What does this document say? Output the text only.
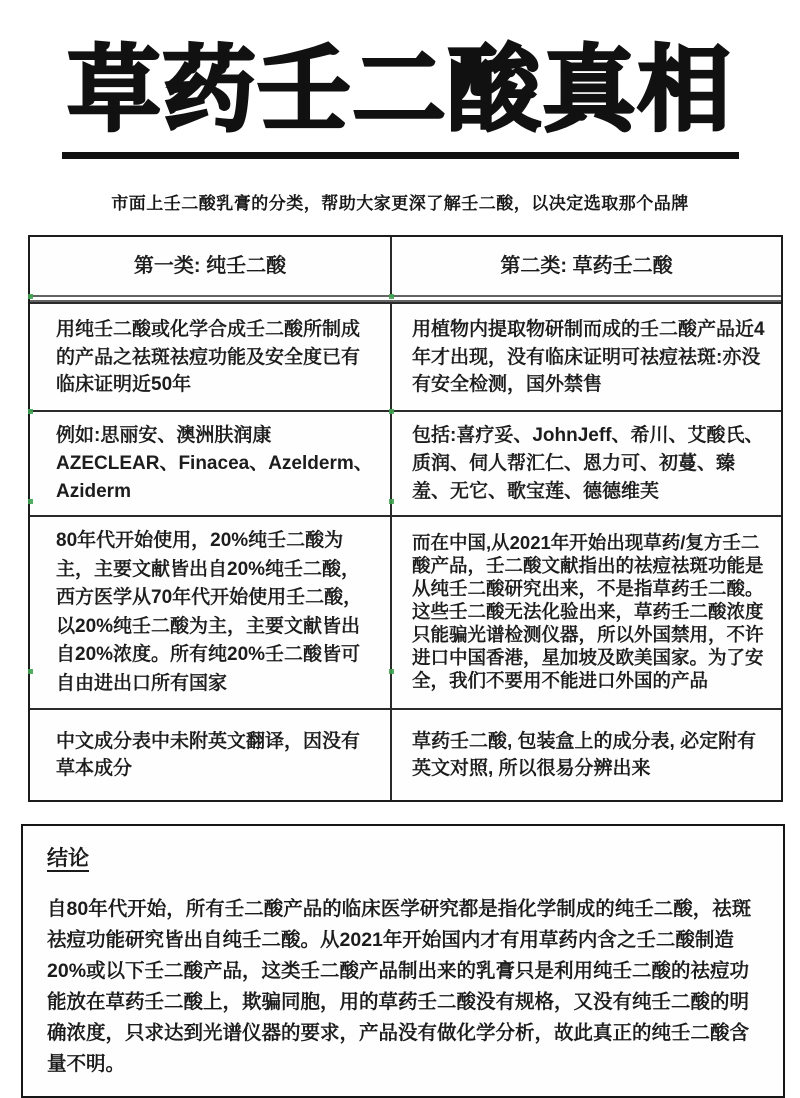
草药壬二酸真相

市面上壬二酸乳膏的分类，帮助大家更深了解壬二酸，以决定选取那个品牌

第一类: 纯壬二酸	第二类: 草药壬二酸
用纯壬二酸或化学合成壬二酸所制成的产品之祛斑祛痘功能及安全度已有临床证明近50年
用植物内提取物研制而成的壬二酸产品近4年才出现，没有临床证明可祛痘祛斑:亦没有安全检测，国外禁售
例如:思丽安、澳洲肤润康AZECLEAR、Finacea、Azelderm、Aziderm
包括:喜疗妥、JohnJeff、希川、艾酸氏、质润、伺人帮汇仁、恩力可、初蔓、臻羞、无它、歌宝莲、德德维芙
80年代开始使用，20%纯壬二酸为主，主要文献皆出自20%纯壬二酸，西方医学从70年代开始使用壬二酸，以20%纯壬二酸为主，主要文献皆出自20%浓度。所有纯20%壬二酸皆可自由进出口所有国家
而在中国,从2021年开始出现草药/复方壬二酸产品，壬二酸文献指出的祛痘祛斑功能是从纯壬二酸研究出来，不是指草药壬二酸。这些壬二酸无法化验出来，草药壬二酸浓度只能骗光谱检测仪器，所以外国禁用，不许进口中国香港，星加坡及欧美国家。为了安全，我们不要用不能进口外国的产品
中文成分表中未附英文翻译，因没有草本成分
草药壬二酸, 包装盒上的成分表, 必定附有英文对照, 所以很易分辨出来
结论

自80年代开始，所有壬二酸产品的临床医学研究都是指化学制成的纯壬二酸，祛斑祛痘功能研究皆出自纯壬二酸。从2021年开始国内才有用草药内含之壬二酸制造20%或以下壬二酸产品，这类壬二酸产品制出来的乳膏只是利用纯壬二酸的祛痘功能放在草药壬二酸上，欺骗同胞，用的草药壬二酸没有规格，又没有纯壬二酸的明确浓度，只求达到光谱仪器的要求，产品没有做化学分析，故此真正的纯壬二酸含量不明。
